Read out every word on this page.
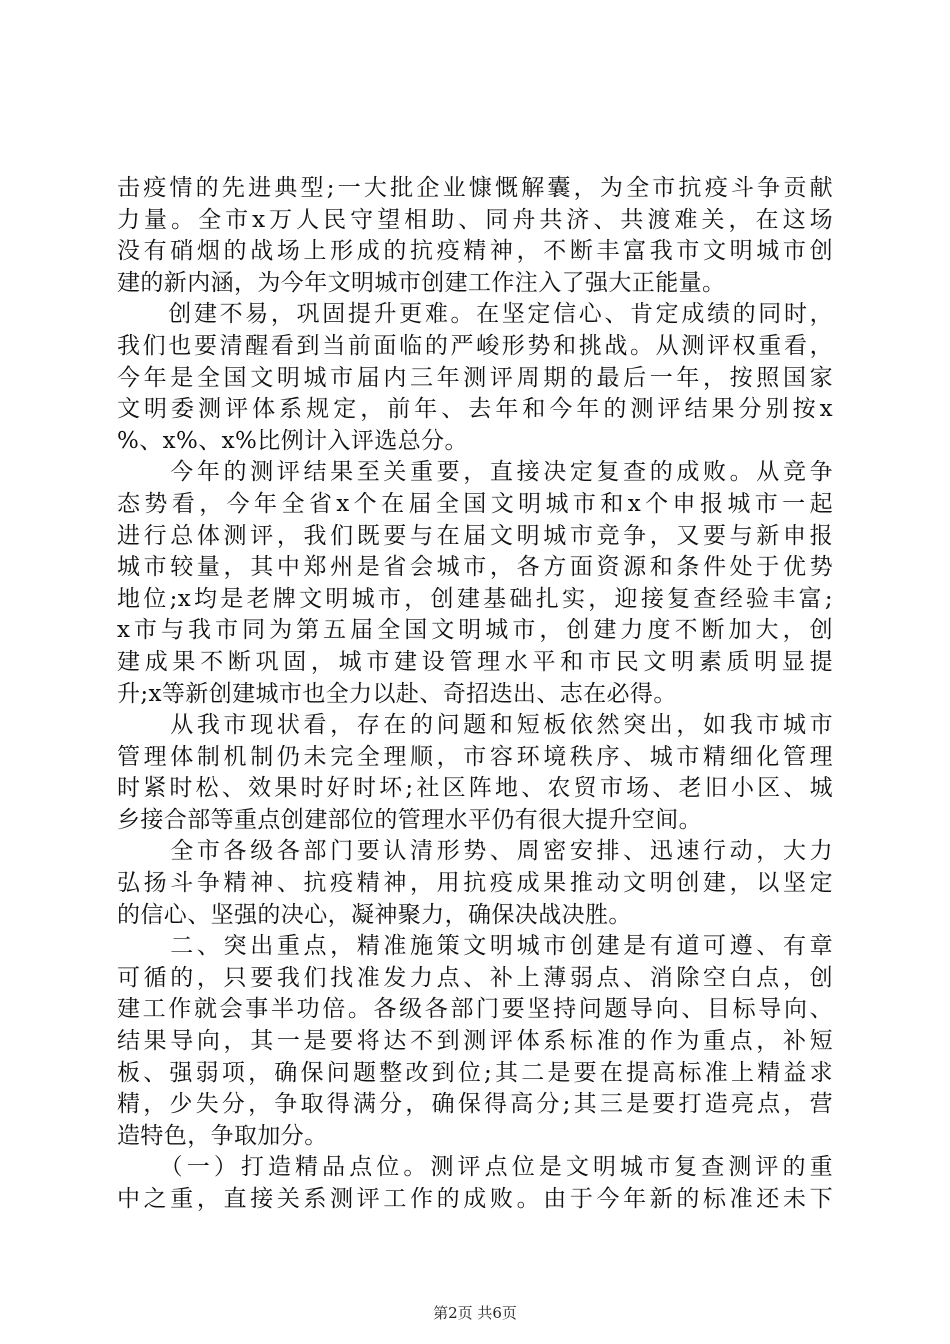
击疫情的先进典型;一大批企业慷慨解囊，为全市抗疫斗争贡献
力量。全市x万人民守望相助、同舟共济、共渡难关，在这场
没有硝烟的战场上形成的抗疫精神，不断丰富我市文明城市创
建的新内涵，为今年文明城市创建工作注入了强大正能量。
　　创建不易，巩固提升更难。在坚定信心、肯定成绩的同时，
我们也要清醒看到当前面临的严峻形势和挑战。从测评权重看，
今年是全国文明城市届内三年测评周期的最后一年，按照国家
文明委测评体系规定，前年、去年和今年的测评结果分别按x
%、x%、x%比例计入评选总分。
　　今年的测评结果至关重要，直接决定复查的成败。从竞争
态势看，今年全省x个在届全国文明城市和x个申报城市一起
进行总体测评，我们既要与在届文明城市竞争，又要与新申报
城市较量，其中郑州是省会城市，各方面资源和条件处于优势
地位;x均是老牌文明城市，创建基础扎实，迎接复查经验丰富;
x市与我市同为第五届全国文明城市，创建力度不断加大，创
建成果不断巩固，城市建设管理水平和市民文明素质明显提
升;x等新创建城市也全力以赴、奇招迭出、志在必得。
　　从我市现状看，存在的问题和短板依然突出，如我市城市
管理体制机制仍未完全理顺，市容环境秩序、城市精细化管理
时紧时松、效果时好时坏;社区阵地、农贸市场、老旧小区、城
乡接合部等重点创建部位的管理水平仍有很大提升空间。
　　全市各级各部门要认清形势、周密安排、迅速行动，大力
弘扬斗争精神、抗疫精神，用抗疫成果推动文明创建，以坚定
的信心、坚强的决心，凝神聚力，确保决战决胜。
　　二、突出重点，精准施策文明城市创建是有道可遵、有章
可循的，只要我们找准发力点、补上薄弱点、消除空白点，创
建工作就会事半功倍。各级各部门要坚持问题导向、目标导向、
结果导向，其一是要将达不到测评体系标准的作为重点，补短
板、强弱项，确保问题整改到位;其二是要在提高标准上精益求
精，少失分，争取得满分，确保得高分;其三是要打造亮点，营
造特色，争取加分。
　　（一）打造精品点位。测评点位是文明城市复查测评的重
中之重，直接关系测评工作的成败。由于今年新的标准还未下
第2页 共6页
